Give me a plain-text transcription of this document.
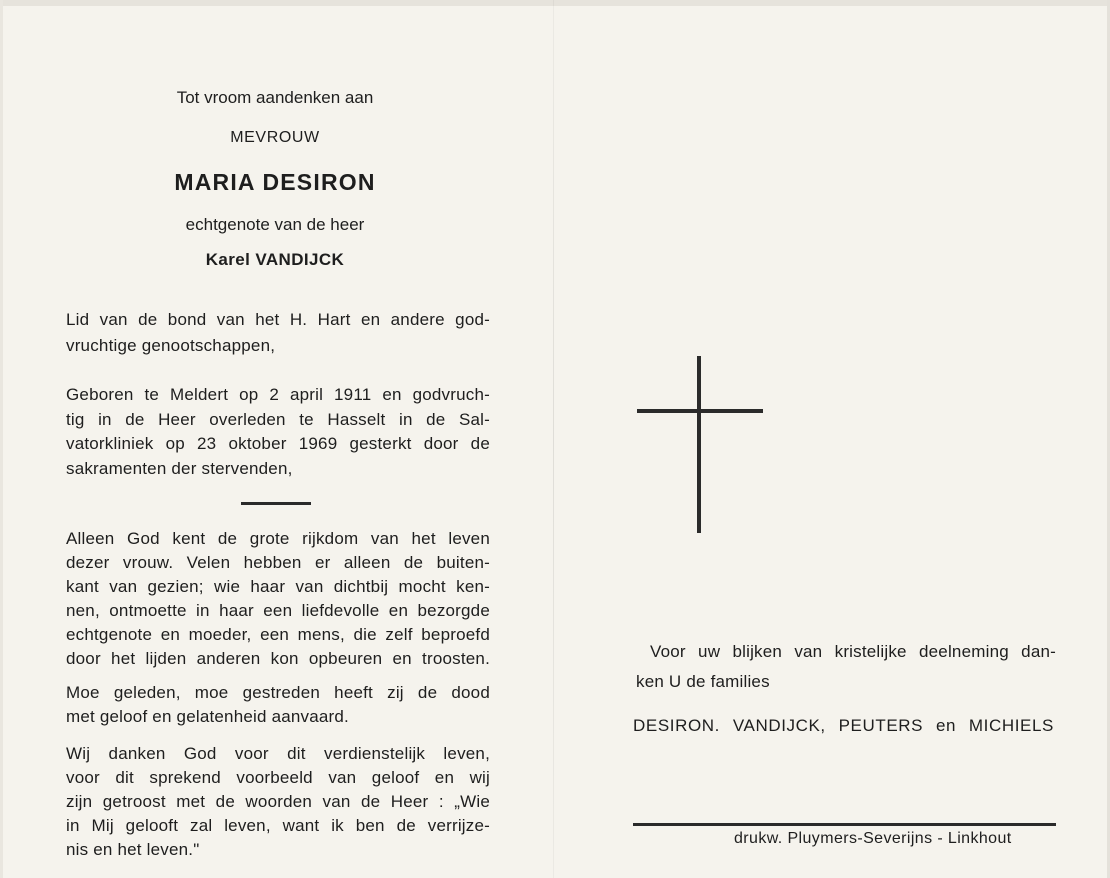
Tot vroom aandenken aan
MEVROUW
MARIA DESIRON
echtgenote van de heer
Karel VANDIJCK
Lid van de bond van het H. Hart en andere god-
vruchtige genootschappen,
Geboren te Meldert op 2 april 1911 en godvruch-
tig in de Heer overleden te Hasselt in de Sal-
vatorkliniek op 23 oktober 1969 gesterkt door de
sakramenten der stervenden,
Alleen God kent de grote rijkdom van het leven
dezer vrouw. Velen hebben er alleen de buiten-
kant van gezien; wie haar van dichtbij mocht ken-
nen, ontmoette in haar een liefdevolle en bezorgde
echtgenote en moeder, een mens, die zelf beproefd
door het lijden anderen kon opbeuren en troosten.
Moe geleden, moe gestreden heeft zij de dood
met geloof en gelatenheid aanvaard.
Wij danken God voor dit verdienstelijk leven,
voor dit sprekend voorbeeld van geloof en wij
zijn getroost met de woorden van de Heer : „Wie
in Mij gelooft zal leven, want ik ben de verrijze-
nis en het leven."
Voor uw blijken van kristelijke deelneming dan-
ken U de families
DESIRON. VANDIJCK, PEUTERS en MICHIELS
drukw. Pluymers-Severijns - Linkhout
